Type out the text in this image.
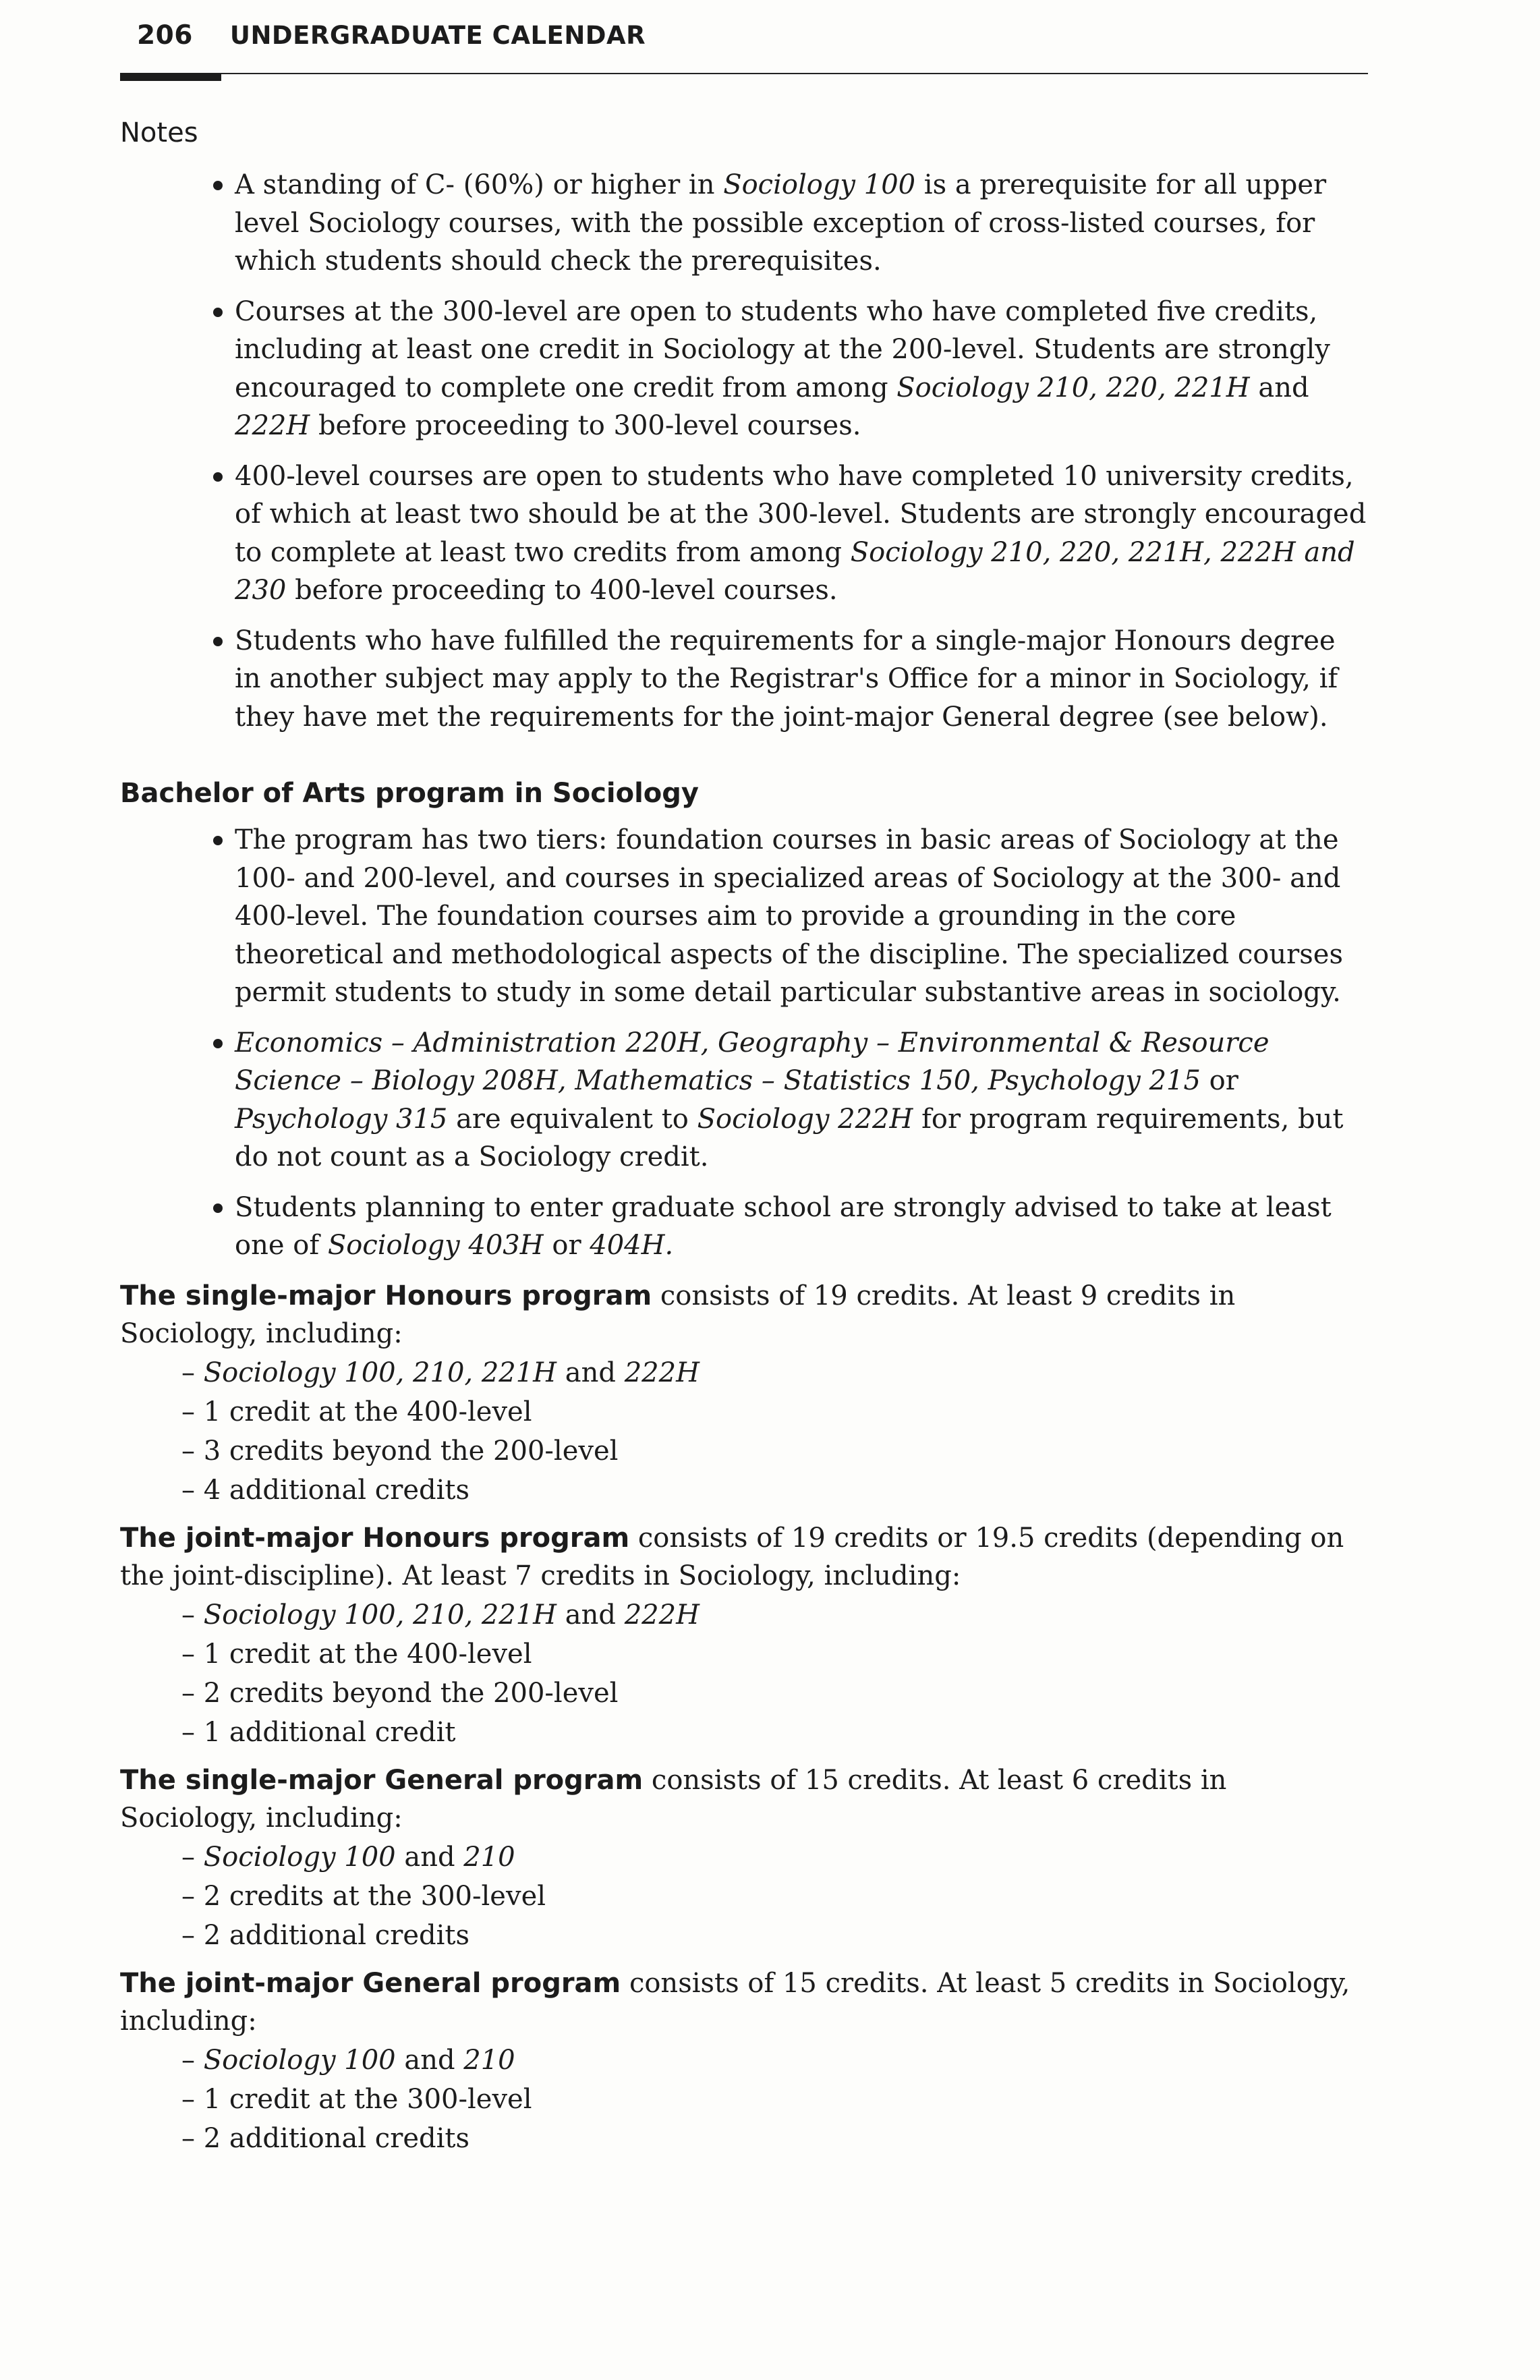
206 UNDERGRADUATE CALENDAR
Notes
A standing of C- (60%) or higher in Sociology 100 is a prerequisite for all upper level Sociology courses, with the possible exception of cross-listed courses, for which students should check the prerequisites.
Courses at the 300-level are open to students who have completed five credits, including at least one credit in Sociology at the 200-level. Students are strongly encouraged to complete one credit from among Sociology 210, 220, 221H and 222H before proceeding to 300-level courses.
400-level courses are open to students who have completed 10 university credits, of which at least two should be at the 300-level. Students are strongly encouraged to complete at least two credits from among Sociology 210, 220, 221H, 222H and 230 before proceeding to 400-level courses.
Students who have fulfilled the requirements for a single-major Honours degree in another subject may apply to the Registrar's Office for a minor in Sociology, if they have met the requirements for the joint-major General degree (see below).
Bachelor of Arts program in Sociology
The program has two tiers: foundation courses in basic areas of Sociology at the 100- and 200-level, and courses in specialized areas of Sociology at the 300- and 400-level. The foundation courses aim to provide a grounding in the core theoretical and methodological aspects of the discipline. The specialized courses permit students to study in some detail particular substantive areas in sociology.
Economics – Administration 220H, Geography – Environmental & Resource Science – Biology 208H, Mathematics – Statistics 150, Psychology 215 or Psychology 315 are equivalent to Sociology 222H for program requirements, but do not count as a Sociology credit.
Students planning to enter graduate school are strongly advised to take at least one of Sociology 403H or 404H.
The single-major Honours program consists of 19 credits. At least 9 credits in Sociology, including:
– Sociology 100, 210, 221H and 222H
– 1 credit at the 400-level
– 3 credits beyond the 200-level
– 4 additional credits
The joint-major Honours program consists of 19 credits or 19.5 credits (depending on the joint-discipline). At least 7 credits in Sociology, including:
– Sociology 100, 210, 221H and 222H
– 1 credit at the 400-level
– 2 credits beyond the 200-level
– 1 additional credit
The single-major General program consists of 15 credits. At least 6 credits in Sociology, including:
– Sociology 100 and 210
– 2 credits at the 300-level
– 2 additional credits
The joint-major General program consists of 15 credits. At least 5 credits in Sociology, including:
– Sociology 100 and 210
– 1 credit at the 300-level
– 2 additional credits
